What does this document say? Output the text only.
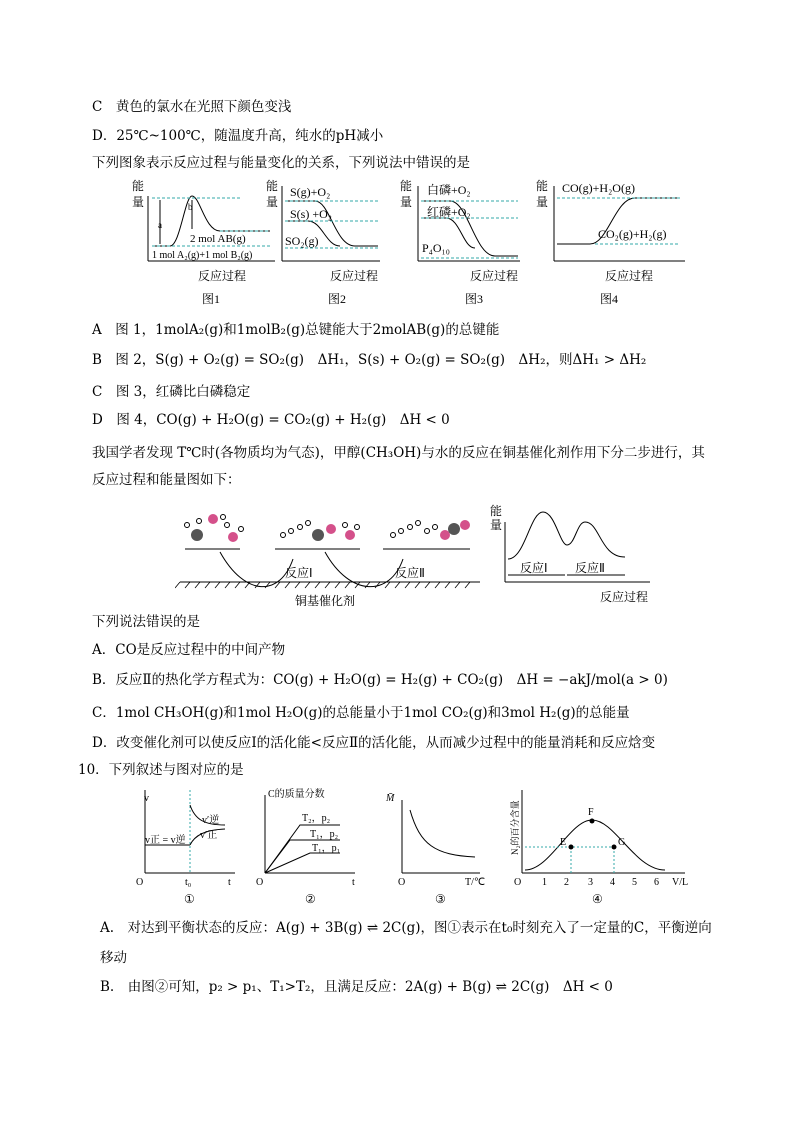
C　黄色的氯水在光照下颜色变浅
D．25℃~100℃，随温度升高，纯水的pH减小
下列图象表示反应过程与能量变化的关系，下列说法中错误的是
能
量
a
b
2 mol AB(g)
1 mol A₂(g)+1 mol B₂(g)
反应过程
图1
能
量
S(g)+O₂
S(s) +O₂
SO₂(g)
反应过程
图2
能
量
白磷+O₂
红磷+O₂
P₄O₁₀
反应过程
图3
能
量
CO(g)+H₂O(g)
CO₂(g)+H₂(g)
反应过程
图4
A　图 1，1molA₂(g)和1molB₂(g)总键能大于2molAB(g)的总键能
B　图 2，S(g) + O₂(g) = SO₂(g)　ΔH₁，S(s) + O₂(g) = SO₂(g)　ΔH₂，则ΔH₁ > ΔH₂
C　图 3，红磷比白磷稳定
D　图 4，CO(g) + H₂O(g) = CO₂(g) + H₂(g)　ΔH < 0
我国学者发现 T℃时(各物质均为气态)，甲醇(CH₃OH)与水的反应在铜基催化剂作用下分二步进行，其
反应过程和能量图如下：
反应Ⅰ	反应Ⅱ
铜基催化剂
能
量
反应Ⅰ 反应Ⅱ
反应过程
下列说法错误的是
A．CO是反应过程中的中间产物
B．反应Ⅱ的热化学方程式为：CO(g) + H₂O(g) = H₂(g) + CO₂(g)　ΔH = −akJ/mol(a > 0)
C．1mol CH₃OH(g)和1mol H₂O(g)的总能量小于1mol CO₂(g)和3mol H₂(g)的总能量
D．改变催化剂可以使反应Ⅰ的活化能<反应Ⅱ的活化能，从而减少过程中的能量消耗和反应焓变
10．下列叙述与图对应的是
v
v正 = v逆
v′逆
v′正
O	t₀	t
①
C的质量分数
T₂，p₂
T₁，p₂
T₁，p₁
O	t
②
M̄
O	T/℃
③
N₂的百分含量
O 1 2 3 4 5 6 V/L
E
F
G
④
A.　对达到平衡状态的反应：A(g) + 3B(g) ⇌ 2C(g)，图①表示在t₀时刻充入了一定量的C，平衡逆向
移动
B.　由图②可知，p₂ > p₁、T₁>T₂，且满足反应：2A(g) + B(g) ⇌ 2C(g)　ΔH < 0
